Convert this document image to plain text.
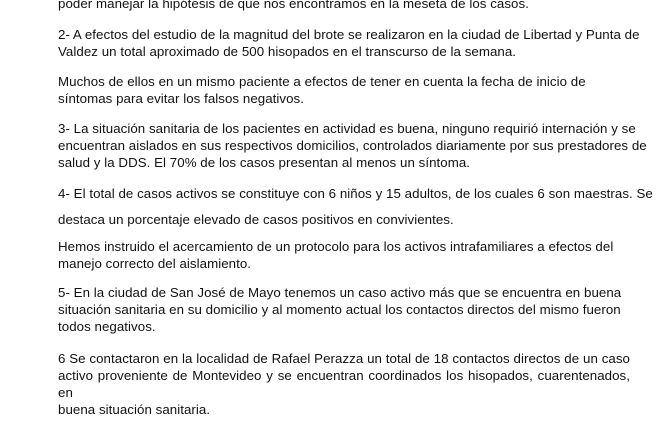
poder manejar la hipótesis de que nos encontramos en la meseta de los casos.

2- A efectos del estudio de la magnitud del brote se realizaron en la ciudad de Libertad y Punta de
Valdez un total aproximado de 500 hisopados en el transcurso de la semana.

Muchos de ellos en un mismo paciente a efectos de tener en cuenta la fecha de inicio de
síntomas para evitar los falsos negativos.

3- La situación sanitaria de los pacientes en actividad es buena, ninguno requirió internación y se
encuentran aislados en sus respectivos domicilios, controlados diariamente por sus prestadores de
salud y la DDS. El 70% de los casos presentan al menos un síntoma.

4- El total de casos activos se constituye con 6 niños y 15 adultos, de los cuales 6 son maestras. Se

destaca un porcentaje elevado de casos positivos en convivientes.

Hemos instruido el acercamiento de un protocolo para los activos intrafamiliares a efectos del
manejo correcto del aislamiento.

5- En la ciudad de San José de Mayo tenemos un caso activo más que se encuentra en buena
situación sanitaria en su domicilio y al momento actual los contactos directos del mismo fueron
todos negativos.

6 Se contactaron en la localidad de Rafael Perazza un total de 18 contactos directos de un caso
activo proveniente de Montevideo y se encuentran coordinados los hisopados, cuarentenados, en
buena situación sanitaria.
